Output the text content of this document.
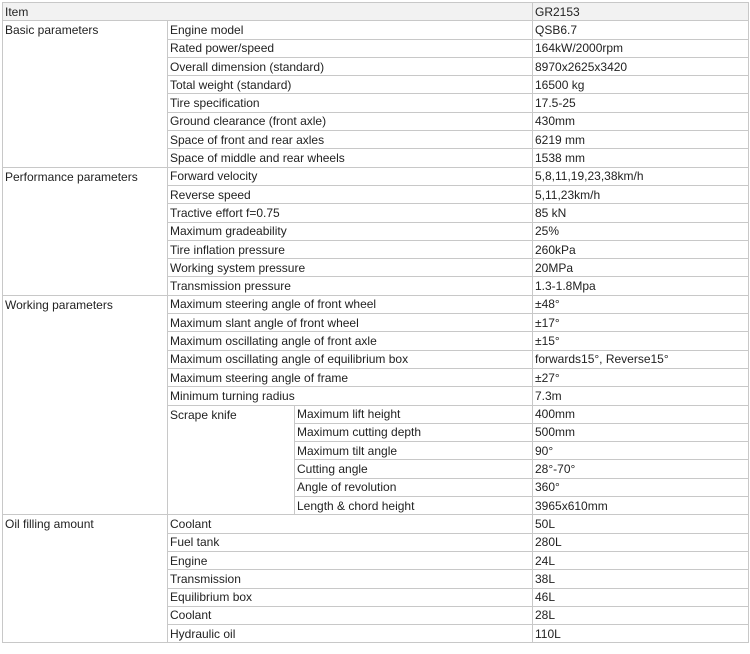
Item			GR2153
Basic parameters	Engine model		QSB6.7
	Rated power/speed		164kW/2000rpm
	Overall dimension (standard)		8970x2625x3420
	Total weight (standard)		16500 kg
	Tire specification		17.5-25
	Ground clearance (front axle)		430mm
	Space of front and rear axles		6219 mm
	Space of middle and rear wheels		1538 mm
Performance parameters	Forward velocity		5,8,11,19,23,38km/h
	Reverse speed		5,11,23km/h
	Tractive effort f=0.75		85 kN
	Maximum gradeability		25%
	Tire inflation pressure		260kPa
	Working system pressure		20MPa
	Transmission pressure		1.3-1.8Mpa
Working parameters	Maximum steering angle of front wheel		±48°
	Maximum slant angle of front wheel		±17°
	Maximum oscillating angle of front axle		±15°
	Maximum oscillating angle of equilibrium box		forwards15°, Reverse15°
	Maximum steering angle of frame		±27°
	Minimum turning radius		7.3m
	Scrape knife	Maximum lift height	400mm
		Maximum cutting depth	500mm
		Maximum tilt angle	90°
		Cutting angle	28°-70°
		Angle of revolution	360°
		Length & chord height	3965x610mm
Oil filling amount	Coolant		50L
	Fuel tank		280L
	Engine		24L
	Transmission		38L
	Equilibrium box		46L
	Coolant		28L
	Hydraulic oil		110L
